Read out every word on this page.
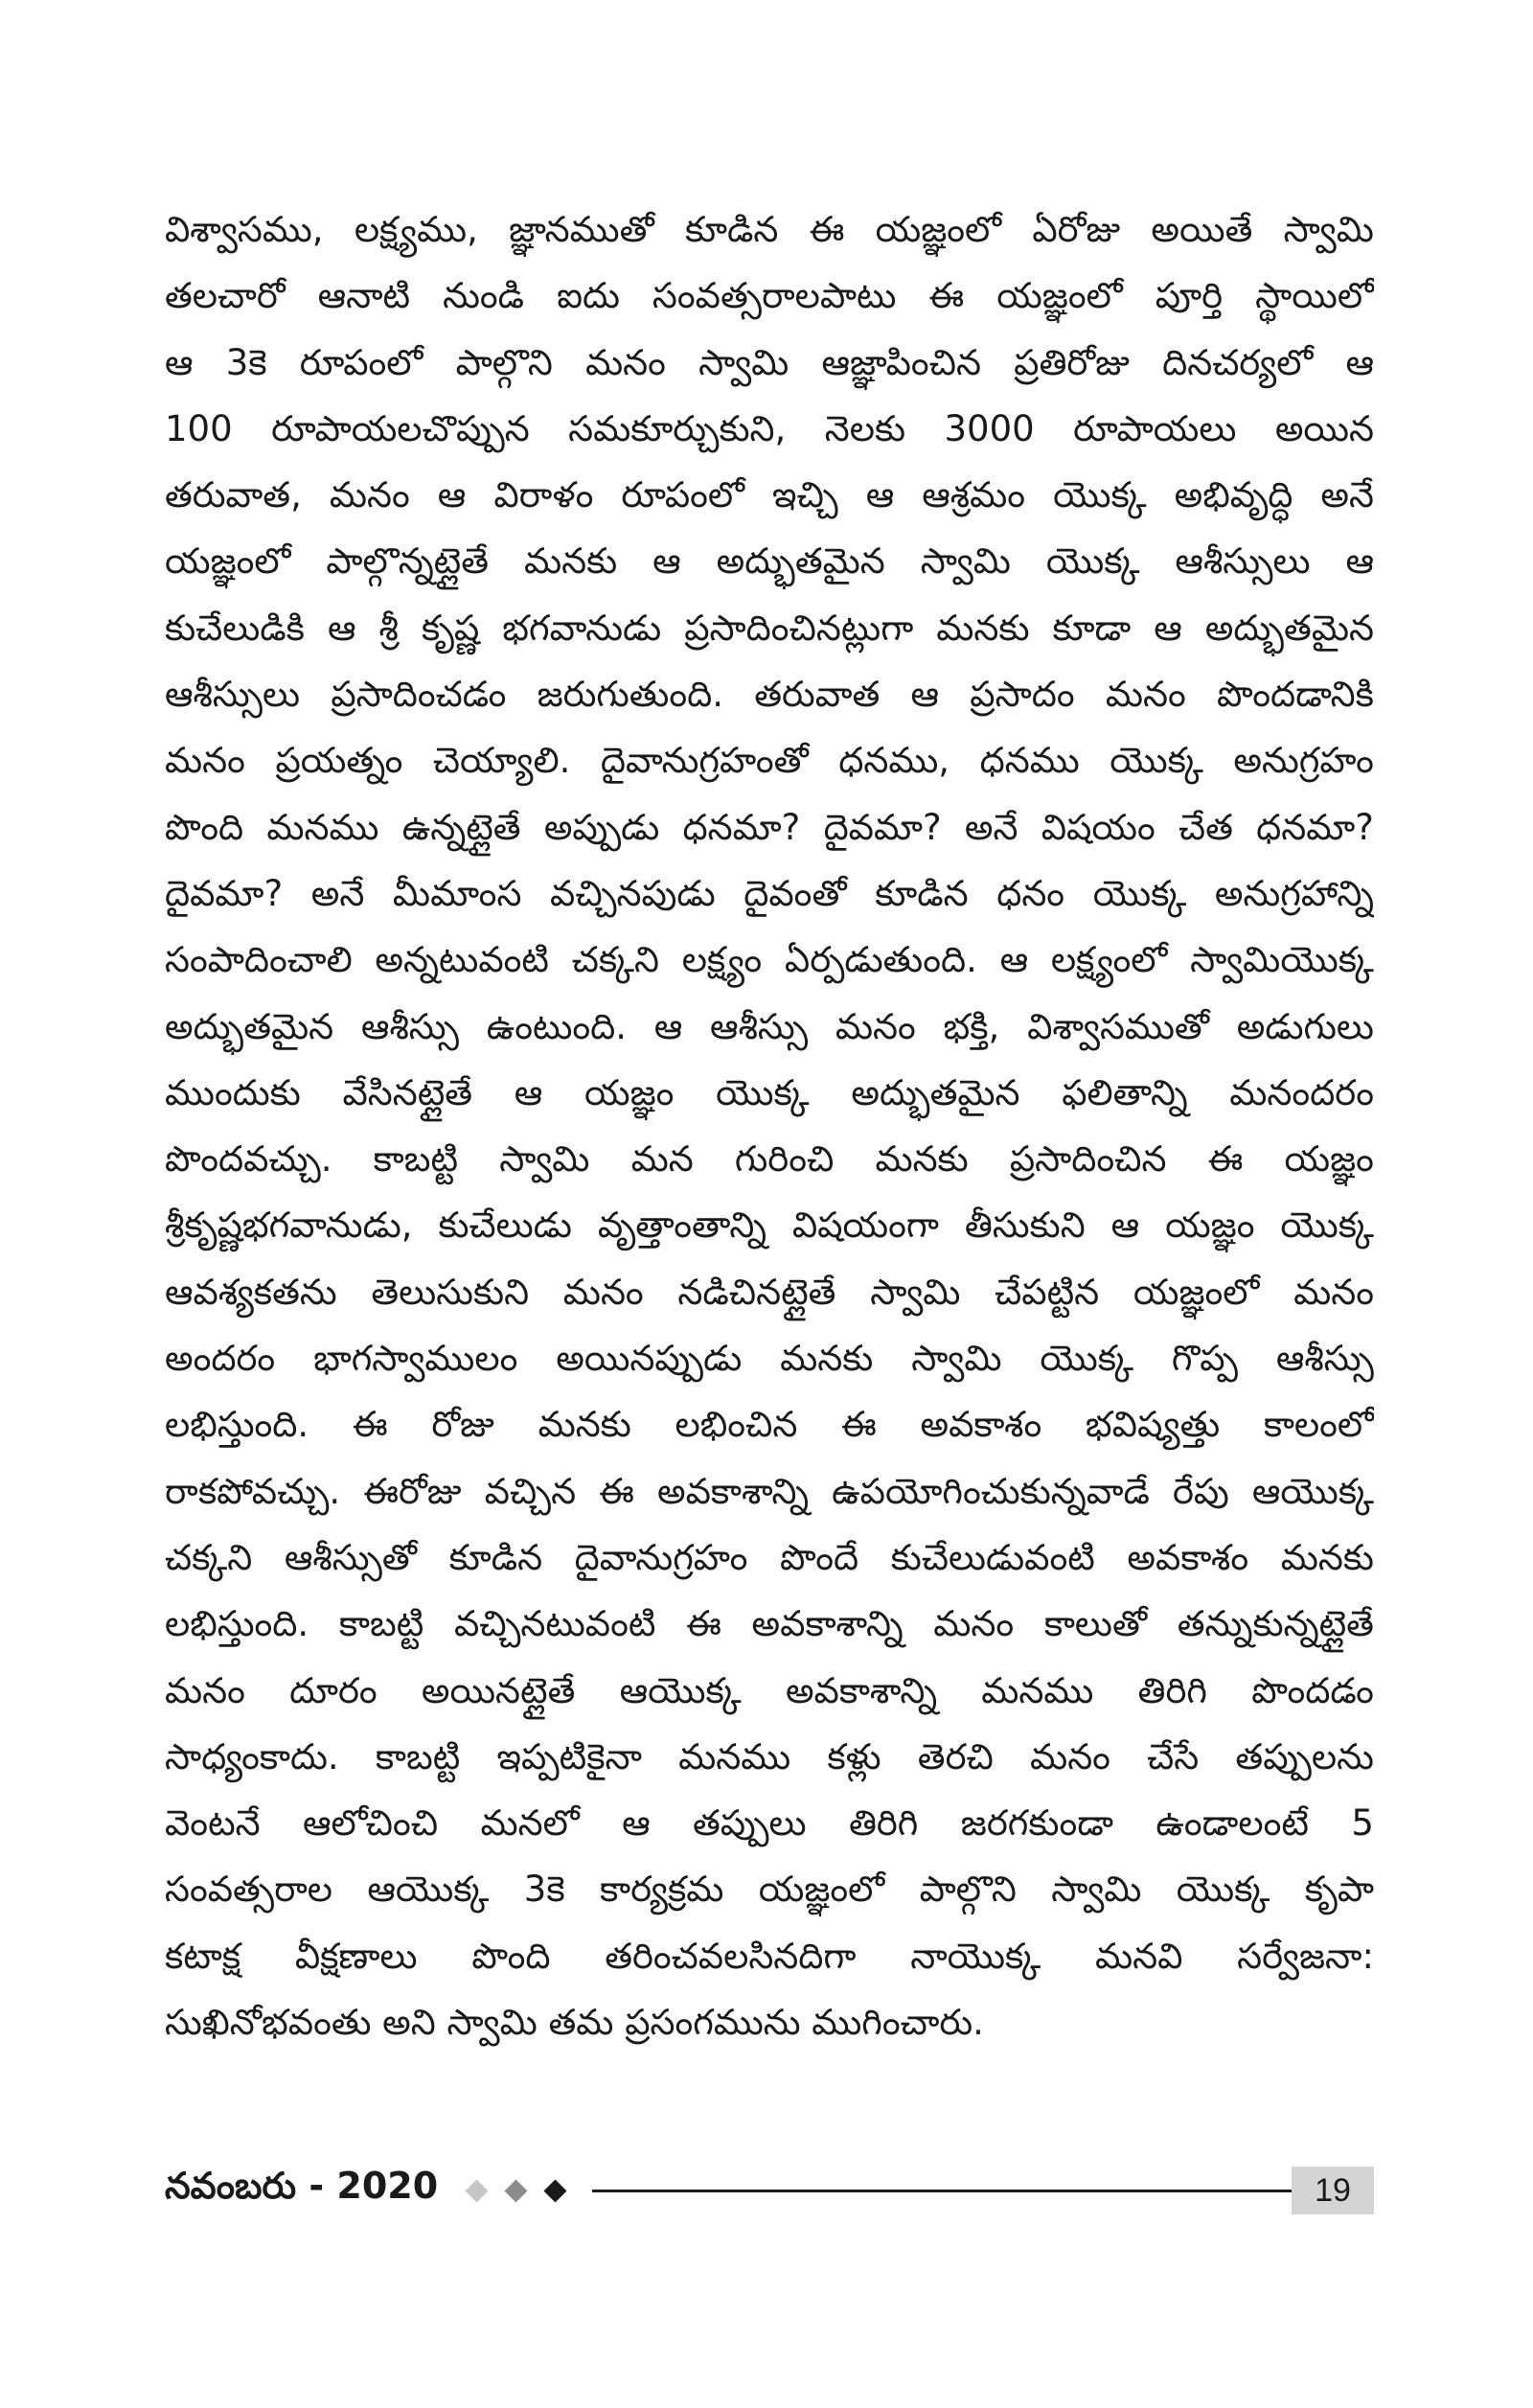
విశ్వాసము, లక్ష్యము, జ్ఞానముతో కూడిన ఈ యజ్ఞంలో ఏరోజు అయితే స్వామి
తలచారో ఆనాటి నుండి ఐదు సంవత్సరాలపాటు ఈ యజ్ఞంలో పూర్తి స్థాయిలో
ఆ 3కె రూపంలో పాల్గొని మనం స్వామి ఆజ్ఞాపించిన ప్రతిరోజు దినచర్యలో ఆ
100 రూపాయలచొప్పున సమకూర్చుకుని, నెలకు 3000 రూపాయలు అయిన
తరువాత, మనం ఆ విరాళం రూపంలో ఇచ్చి ఆ ఆశ్రమం యొక్క అభివృద్ధి అనే
యజ్ఞంలో పాల్గొన్నట్లైతే మనకు ఆ అద్భుతమైన స్వామి యొక్క ఆశీస్సులు ఆ
కుచేలుడికి ఆ శ్రీ కృష్ణ భగవానుడు ప్రసాదించినట్లుగా మనకు కూడా ఆ అద్భుతమైన
ఆశీస్సులు ప్రసాదించడం జరుగుతుంది. తరువాత ఆ ప్రసాదం మనం పొందడానికి
మనం ప్రయత్నం చెయ్యాలి. దైవానుగ్రహంతో ధనము, ధనము యొక్క అనుగ్రహం
పొంది మనము ఉన్నట్లైతే అప్పుడు ధనమా? దైవమా? అనే విషయం చేత ధనమా?
దైవమా? అనే మీమాంస వచ్చినపుడు దైవంతో కూడిన ధనం యొక్క అనుగ్రహాన్ని
సంపాదించాలి అన్నటువంటి చక్కని లక్ష్యం ఏర్పడుతుంది. ఆ లక్ష్యంలో స్వామియొక్క
అద్భుతమైన ఆశీస్సు ఉంటుంది. ఆ ఆశీస్సు మనం భక్తి, విశ్వాసముతో అడుగులు
ముందుకు వేసినట్లైతే ఆ యజ్ఞం యొక్క అద్భుతమైన ఫలితాన్ని మనందరం
పొందవచ్చు. కాబట్టి స్వామి మన గురించి మనకు ప్రసాదించిన ఈ యజ్ఞం
శ్రీకృష్ణభగవానుడు, కుచేలుడు వృత్తాంతాన్ని విషయంగా తీసుకుని ఆ యజ్ఞం యొక్క
ఆవశ్యకతను తెలుసుకుని మనం నడిచినట్లైతే స్వామి చేపట్టిన యజ్ఞంలో మనం
అందరం భాగస్వాములం అయినప్పుడు మనకు స్వామి యొక్క గొప్ప ఆశీస్సు
లభిస్తుంది. ఈ రోజు మనకు లభించిన ఈ అవకాశం భవిష్యత్తు కాలంలో
రాకపోవచ్చు. ఈరోజు వచ్చిన ఈ అవకాశాన్ని ఉపయోగించుకున్నవాడే రేపు ఆయొక్క
చక్కని ఆశీస్సుతో కూడిన దైవానుగ్రహం పొందే కుచేలుడువంటి అవకాశం మనకు
లభిస్తుంది. కాబట్టి వచ్చినటువంటి ఈ అవకాశాన్ని మనం కాలుతో తన్నుకున్నట్లైతే
మనం దూరం అయినట్లైతే ఆయొక్క అవకాశాన్ని మనము తిరిగి పొందడం
సాధ్యంకాదు. కాబట్టి ఇప్పటికైనా మనము కళ్లు తెరచి మనం చేసే తప్పులను
వెంటనే ఆలోచించి మనలో ఆ తప్పులు తిరిగి జరగకుండా ఉండాలంటే 5
సంవత్సరాల ఆయొక్క 3కె కార్యక్రమ యజ్ఞంలో పాల్గొని స్వామి యొక్క కృపా
కటాక్ష వీక్షణాలు పొంది తరించవలసినదిగా నాయొక్క మనవి సర్వేజనా:
సుఖినోభవంతు అని స్వామి తమ ప్రసంగమును ముగించారు.
నవంబరు - 2020	19
